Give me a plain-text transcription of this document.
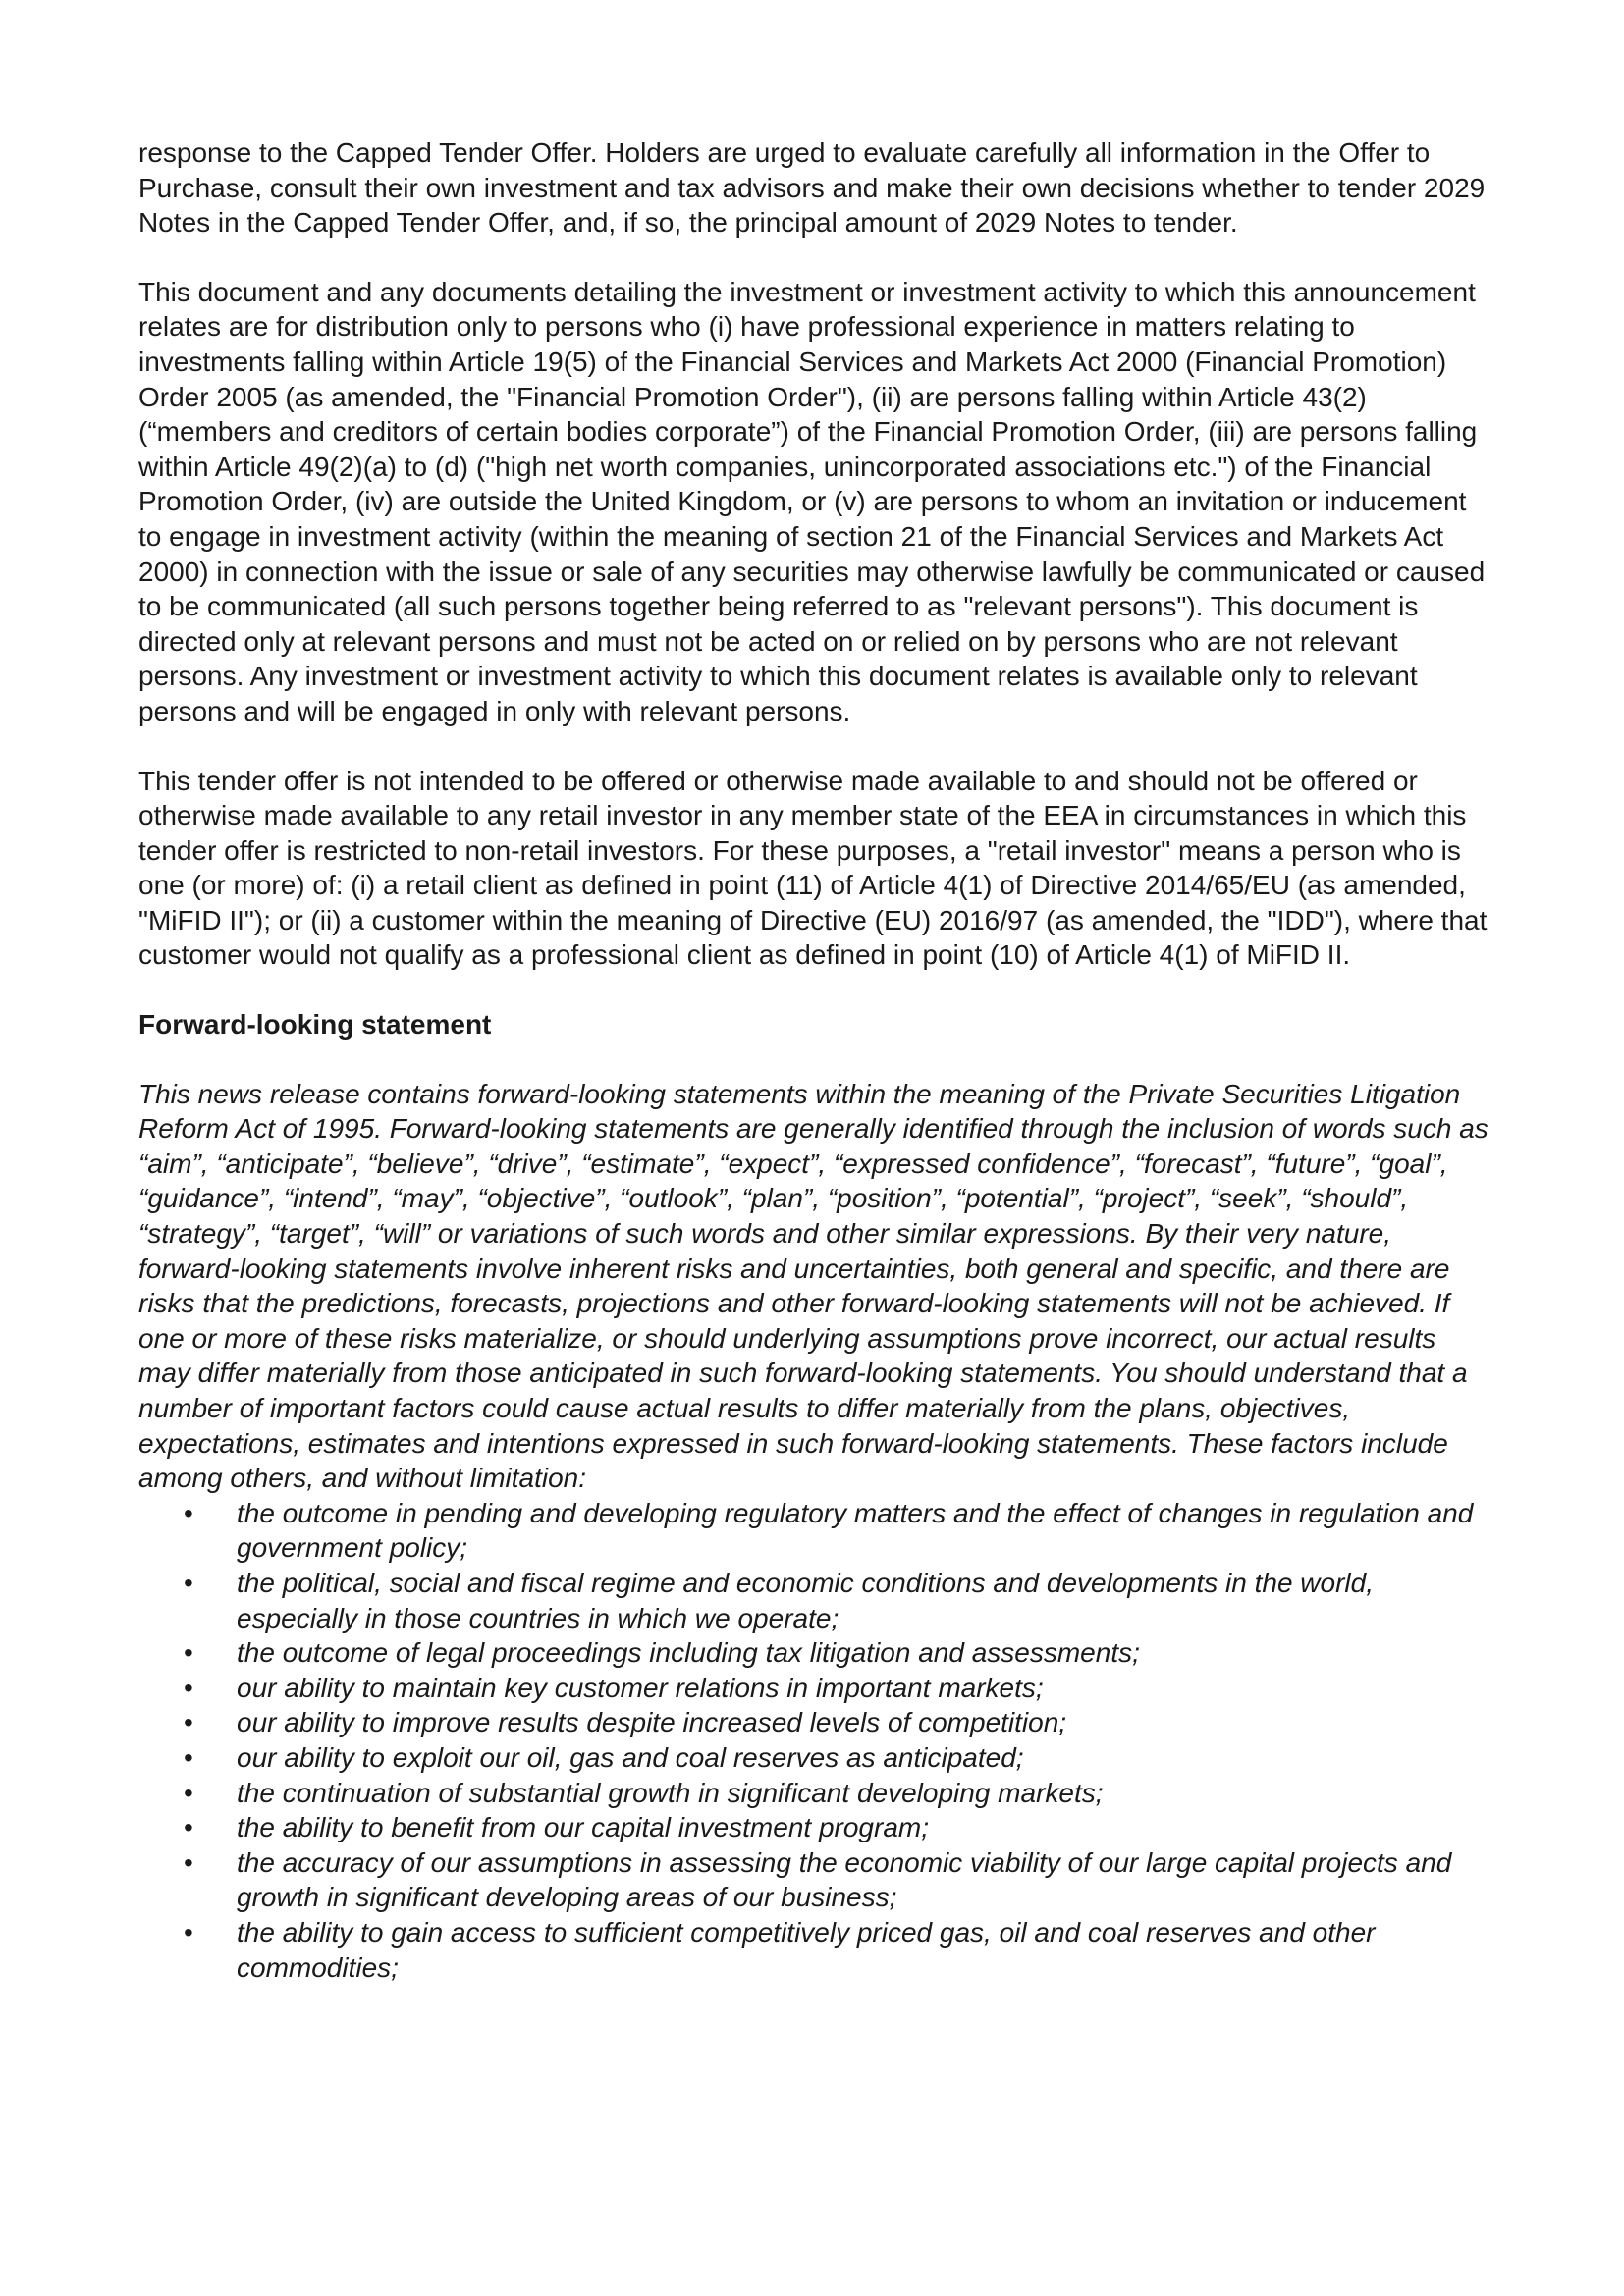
response to the Capped Tender Offer. Holders are urged to evaluate carefully all information in the Offer to Purchase, consult their own investment and tax advisors and make their own decisions whether to tender 2029 Notes in the Capped Tender Offer, and, if so, the principal amount of 2029 Notes to tender.

This document and any documents detailing the investment or investment activity to which this announcement relates are for distribution only to persons who (i) have professional experience in matters relating to investments falling within Article 19(5) of the Financial Services and Markets Act 2000 (Financial Promotion) Order 2005 (as amended, the "Financial Promotion Order"), (ii) are persons falling within Article 43(2) (“members and creditors of certain bodies corporate”) of the Financial Promotion Order, (iii) are persons falling within Article 49(2)(a) to (d) ("high net worth companies, unincorporated associations etc.") of the Financial Promotion Order, (iv) are outside the United Kingdom, or (v) are persons to whom an invitation or inducement to engage in investment activity (within the meaning of section 21 of the Financial Services and Markets Act 2000) in connection with the issue or sale of any securities may otherwise lawfully be communicated or caused to be communicated (all such persons together being referred to as "relevant persons"). This document is directed only at relevant persons and must not be acted on or relied on by persons who are not relevant persons. Any investment or investment activity to which this document relates is available only to relevant persons and will be engaged in only with relevant persons.

This tender offer is not intended to be offered or otherwise made available to and should not be offered or otherwise made available to any retail investor in any member state of the EEA in circumstances in which this tender offer is restricted to non-retail investors. For these purposes, a "retail investor" means a person who is one (or more) of: (i) a retail client as defined in point (11) of Article 4(1) of Directive 2014/65/EU (as amended, "MiFID II"); or (ii) a customer within the meaning of Directive (EU) 2016/97 (as amended, the "IDD"), where that customer would not qualify as a professional client as defined in point (10) of Article 4(1) of MiFID II.

Forward-looking statement
This news release contains forward-looking statements within the meaning of the Private Securities Litigation Reform Act of 1995. Forward-looking statements are generally identified through the inclusion of words such as “aim”, “anticipate”, “believe”, “drive”, “estimate”, “expect”, “expressed confidence”, “forecast”, “future”, “goal”, “guidance”, “intend”, “may”, “objective”, “outlook”, “plan”, “position”, “potential”, “project”, “seek”, “should”, “strategy”, “target”, “will” or variations of such words and other similar expressions. By their very nature, forward-looking statements involve inherent risks and uncertainties, both general and specific, and there are risks that the predictions, forecasts, projections and other forward-looking statements will not be achieved. If one or more of these risks materialize, or should underlying assumptions prove incorrect, our actual results may differ materially from those anticipated in such forward-looking statements. You should understand that a number of important factors could cause actual results to differ materially from the plans, objectives, expectations, estimates and intentions expressed in such forward-looking statements. These factors include among others, and without limitation:
• the outcome in pending and developing regulatory matters and the effect of changes in regulation and government policy;
• the political, social and fiscal regime and economic conditions and developments in the world, especially in those countries in which we operate;
• the outcome of legal proceedings including tax litigation and assessments;
• our ability to maintain key customer relations in important markets;
• our ability to improve results despite increased levels of competition;
• our ability to exploit our oil, gas and coal reserves as anticipated;
• the continuation of substantial growth in significant developing markets;
• the ability to benefit from our capital investment program;
• the accuracy of our assumptions in assessing the economic viability of our large capital projects and growth in significant developing areas of our business;
• the ability to gain access to sufficient competitively priced gas, oil and coal reserves and other commodities;
